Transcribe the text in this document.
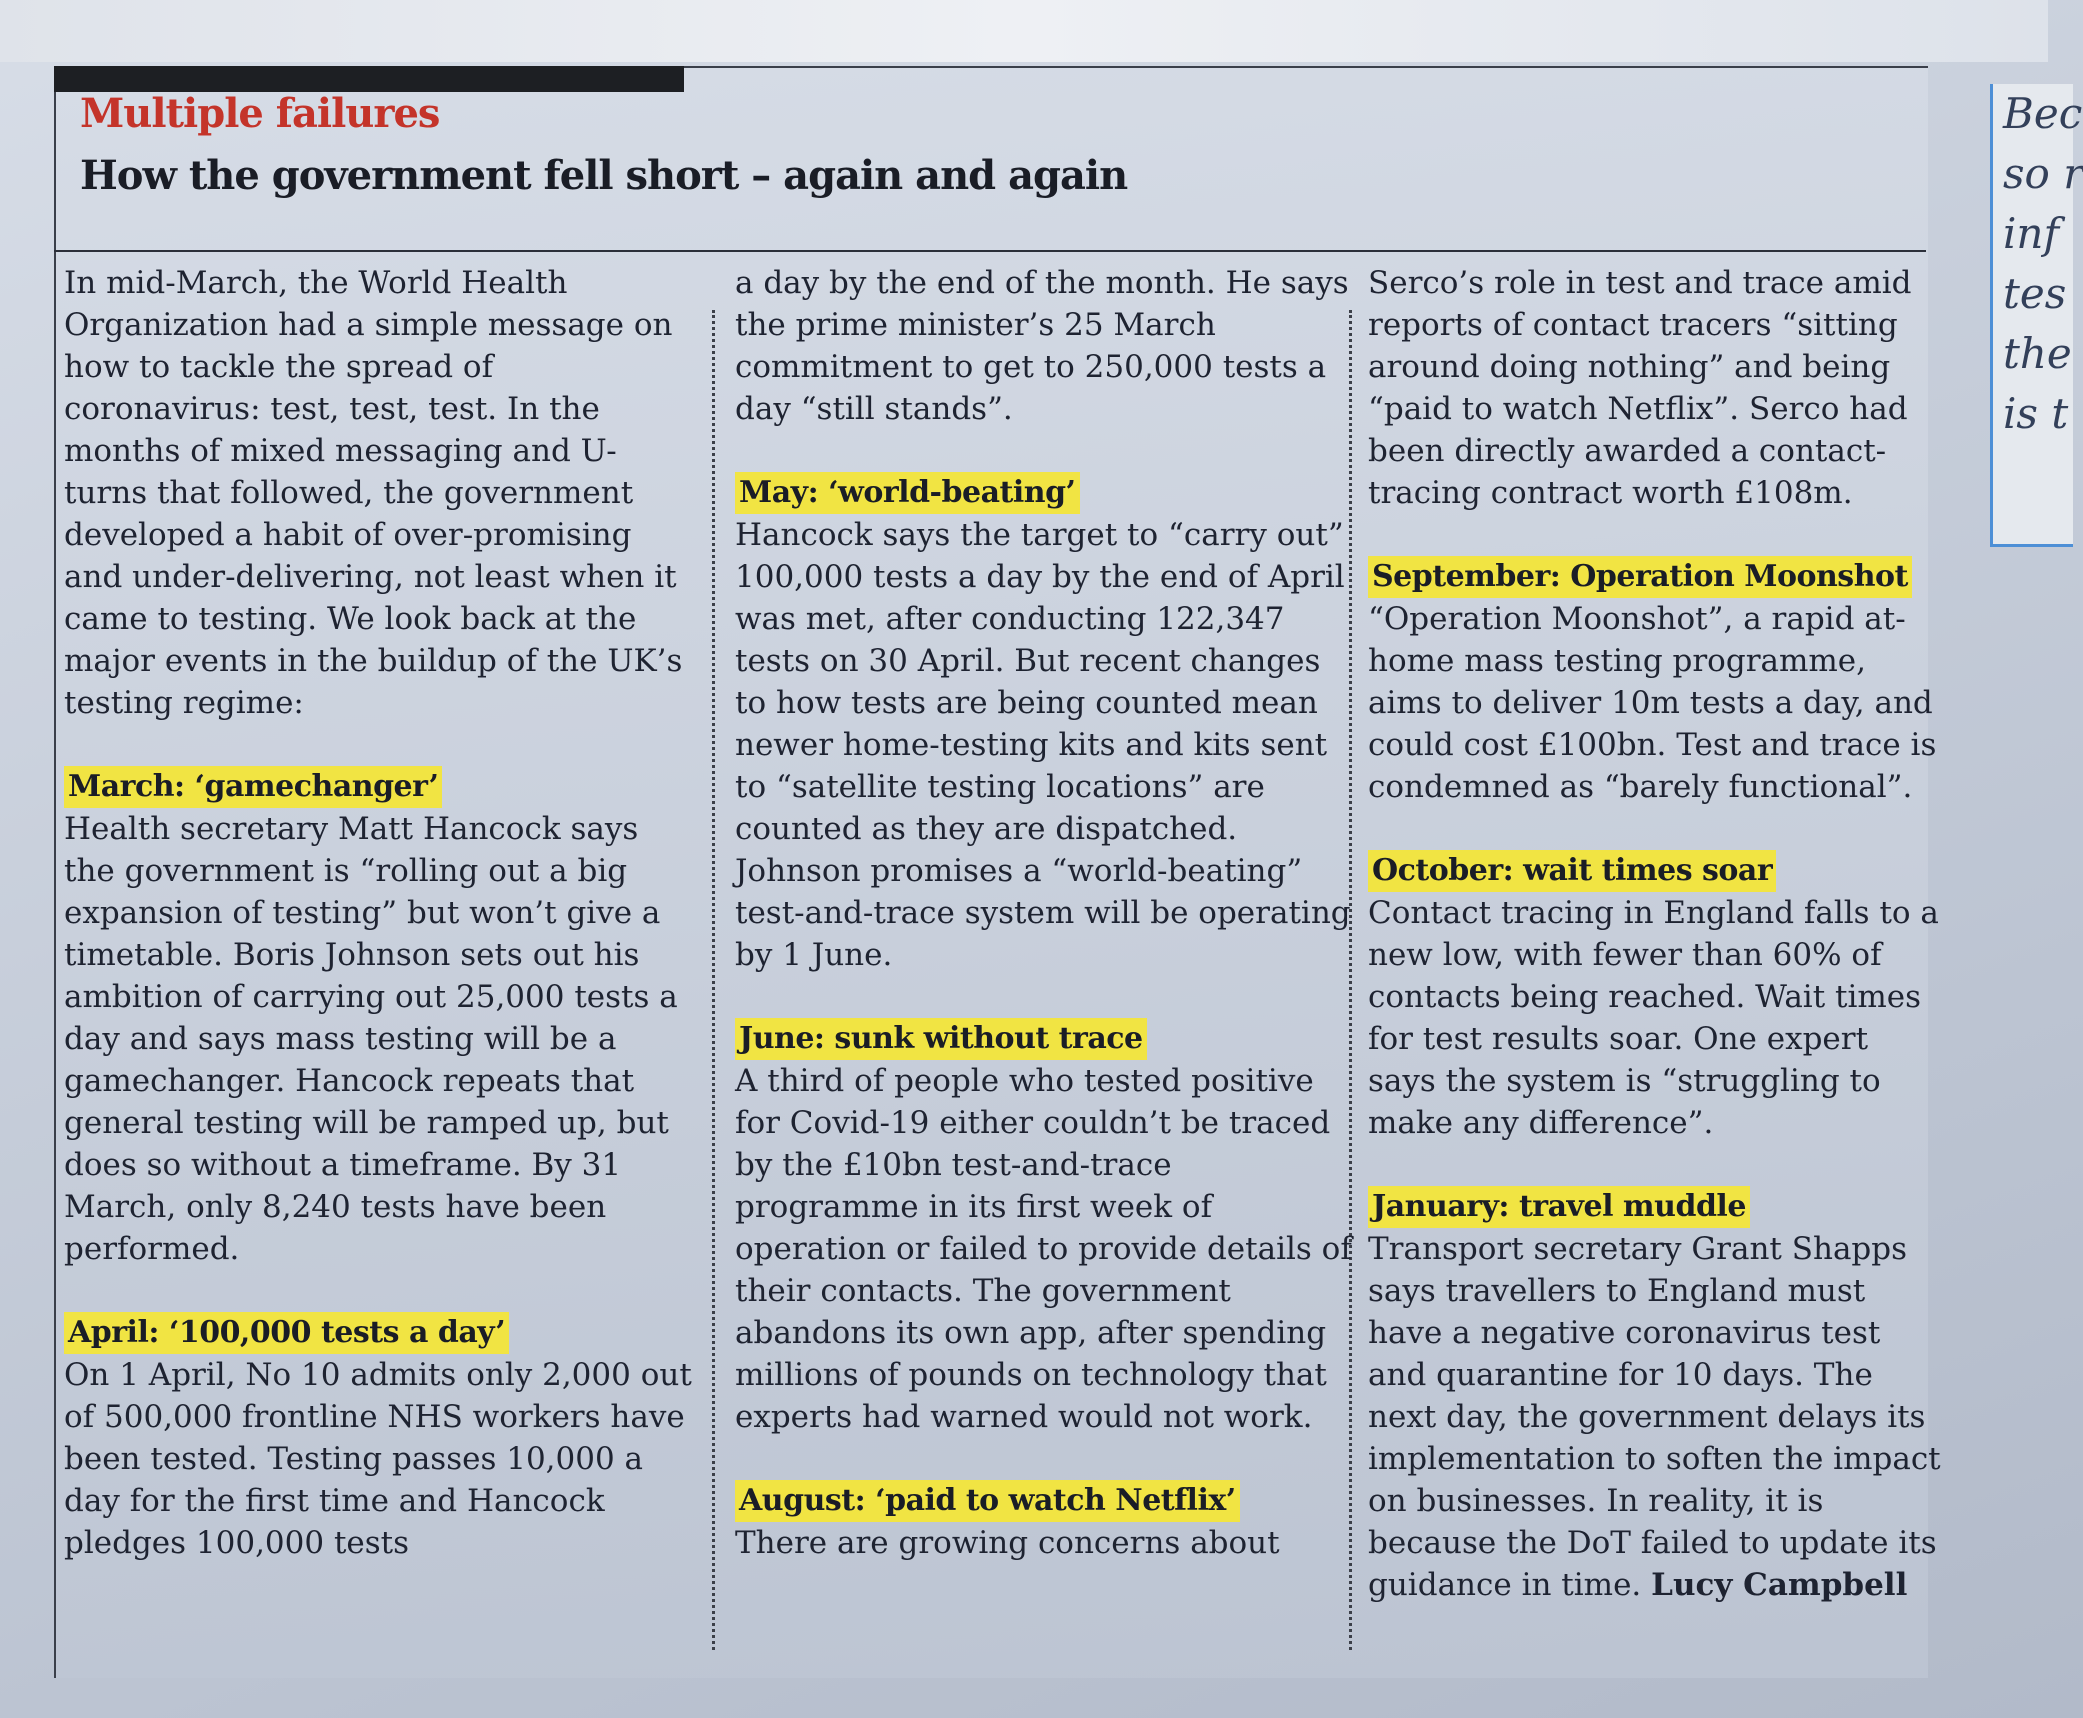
Multiple failures
How the government fell short – again and again

In mid-March, the World Health Organization had a simple message on how to tackle the spread of coronavirus: test, test, test. In the months of mixed messaging and U-turns that followed, the government developed a habit of over-promising and under-delivering, not least when it came to testing. We look back at the major events in the buildup of the UK’s testing regime:

March: ‘gamechanger’

Health secretary Matt Hancock says the government is “rolling out a big expansion of testing” but won’t give a timetable. Boris Johnson sets out his ambition of carrying out 25,000 tests a day and says mass testing will be a gamechanger. Hancock repeats that general testing will be ramped up, but does so without a timeframe. By 31 March, only 8,240 tests have been performed.

April: ‘100,000 tests a day’

On 1 April, No 10 admits only 2,000 out of 500,000 frontline NHS workers have been tested. Testing passes 10,000 a day for the first time and Hancock pledges 100,000 tests

a day by the end of the month. He says the prime minister’s 25 March commitment to get to 250,000 tests a day “still stands”.

May: ‘world-beating’

Hancock says the target to “carry out” 100,000 tests a day by the end of April was met, after conducting 122,347 tests on 30 April. But recent changes to how tests are being counted mean newer home-testing kits and kits sent to “satellite testing locations” are counted as they are dispatched. Johnson promises a “world-beating” test-and-trace system will be operating by 1 June.

June: sunk without trace

A third of people who tested positive for Covid-19 either couldn’t be traced by the £10bn test-and-trace programme in its first week of operation or failed to provide details of their contacts. The government abandons its own app, after spending millions of pounds on technology that experts had warned would not work.

August: ‘paid to watch Netflix’

There are growing concerns about

Serco’s role in test and trace amid reports of contact tracers “sitting around doing nothing” and being “paid to watch Netflix”. Serco had been directly awarded a contact-tracing contract worth £108m.

September: Operation Moonshot

“Operation Moonshot”, a rapid at-home mass testing programme, aims to deliver 10m tests a day, and could cost £100bn. Test and trace is condemned as “barely functional”.

October: wait times soar

Contact tracing in England falls to a new low, with fewer than 60% of contacts being reached. Wait times for test results soar. One expert says the system is “struggling to make any difference”.

January: travel muddle

Transport secretary Grant Shapps says travellers to England must have a negative coronavirus test and quarantine for 10 days. The next day, the government delays its implementation to soften the impact on businesses. In reality, it is because the DoT failed to update its guidance in time. Lucy Campbell

Bec
so r
inf
tes
the
is t
